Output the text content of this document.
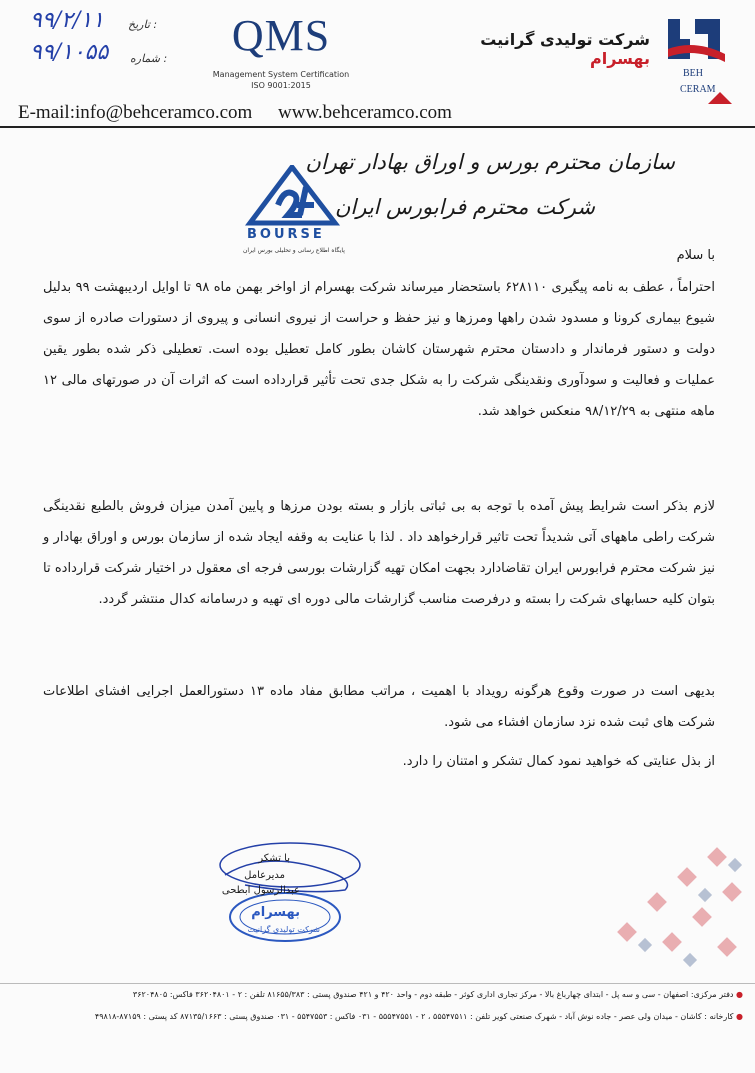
۹۹/۲/۱۱ تاریخ :
۹۹/۱۰۵۵ شماره : QMS
Management System Certification
ISO 9001:2015
شرکت تولیدی گرانیت بهسرام
BEH
CERAM
E-mail:info@behceramco.com www.behceramco.com
سازمان محترم بورس و اوراق بهادار تهران
شرکت محترم فرابورس ایران
BOURSE
پایگاه اطلاع رسانی و تحلیلی بورس ایران	با سلام
احتراماً ، عطف به نامه پیگیری ۶۲۸۱۱۰ باستحضار میرساند شرکت بهسرام از اواخر بهمن ماه ۹۸ تا اوایل اردیبهشت ۹۹ بدلیل شیوع بیماری کرونا و مسدود شدن راهها ومرزها و نیز حفظ و حراست از نیروی انسانی و پیروی از دستورات صادره از سوی دولت و دستور فرماندار و دادستان محترم شهرستان کاشان بطور کامل تعطیل بوده است. تعطیلی ذکر شده بطور یقین عملیات و فعالیت و سودآوری ونقدینگی شرکت را به شکل جدی تحت تأثیر قرارداده است که اثرات آن در صورتهای مالی ۱۲ ماهه منتهی به ۹۸/۱۲/۲۹ منعکس خواهد شد.
لازم بذکر است شرایط پیش آمده با توجه به بی ثباتی بازار و بسته بودن مرزها و پایین آمدن میزان فروش بالطبع نقدینگی شرکت راطی ماههای آتی شدیداً تحت تاثیر قرارخواهد داد . لذا با عنایت به وقفه ایجاد شده از سازمان بورس و اوراق بهادار و نیز شرکت محترم فرابورس ایران تقاضادارد بجهت امکان تهیه گزارشات بورسی فرجه ای معقول در اختیار شرکت قرارداده تا بتوان کلیه حسابهای شرکت را بسته و درفرصت مناسب گزارشات مالی دوره ای تهیه و درسامانه کدال منتشر گردد.
بدیهی است در صورت وقوع هرگونه رویداد با اهمیت ، مراتب مطابق مفاد ماده ۱۳ دستورالعمل اجرایی افشای اطلاعات شرکت های ثبت شده نزد سازمان افشاء می شود.
از بذل عنایتی که خواهید نمود کمال تشکر و امتنان را دارد.
با تشکر
مدیرعامل
عبدالرسول ابطحی
بهسرام
شرکت تولیدی گرانیت
● دفتر مرکزی: اصفهان - سی و سه پل - ابتدای چهارباغ بالا - مرکز تجاری اداری کوثر - طبقه دوم - واحد ۴۲۰ و ۴۲۱ صندوق پستی : ۸۱۶۵۵/۳۸۳ تلفن : ۲ - ۳۶۲۰۴۸۰۱ فاکس: ۳۶۲۰۴۸۰۵
● کارخانه : کاشان - میدان ولی عصر - جاده نوش آباد - شهرک صنعتی کویر تلفن : ۵۵۵۴۷۵۱۱ ، ۲ - ۵۵۵۴۷۵۵۱ - ۰۳۱ فاکس : ۵۵۴۷۵۵۳ - ۰۳۱ صندوق پستی : ۸۷۱۳۵/۱۶۶۳ کد پستی : ۸۷۱۵۹-۴۹۸۱۸
